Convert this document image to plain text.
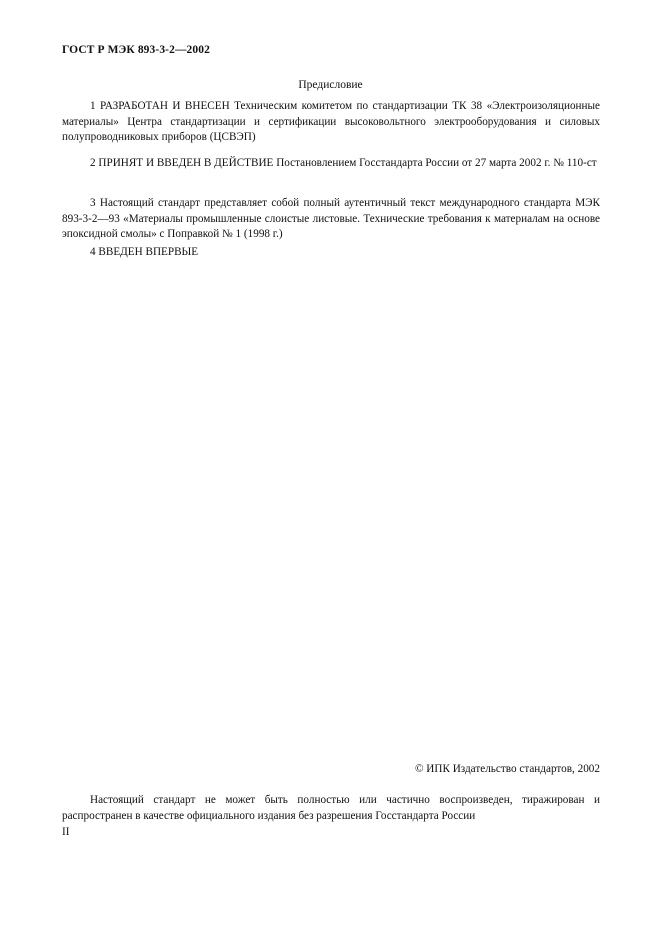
ГОСТ Р МЭК 893-3-2—2002
Предисловие

1 РАЗРАБОТАН И ВНЕСЕН Техническим комитетом по стандартизации ТК 38 «Электроизоляционные материалы» Центра стандартизации и сертификации высоковольтного электрооборудования и силовых полупроводниковых приборов (ЦСВЭП)

2 ПРИНЯТ И ВВЕДЕН В ДЕЙСТВИЕ Постановлением Госстандарта России от 27 марта 2002 г. № 110-ст

3 Настоящий стандарт представляет собой полный аутентичный текст международного стандарта МЭК 893-3-2—93 «Материалы промышленные слоистые листовые. Технические требования к материалам на основе эпоксидной смолы» с Поправкой № 1 (1998 г.)

4 ВВЕДЕН ВПЕРВЫЕ

© ИПК Издательство стандартов, 2002

Настоящий стандарт не может быть полностью или частично воспроизведен, тиражирован и распространен в качестве официального издания без разрешения Госстандарта России

II
